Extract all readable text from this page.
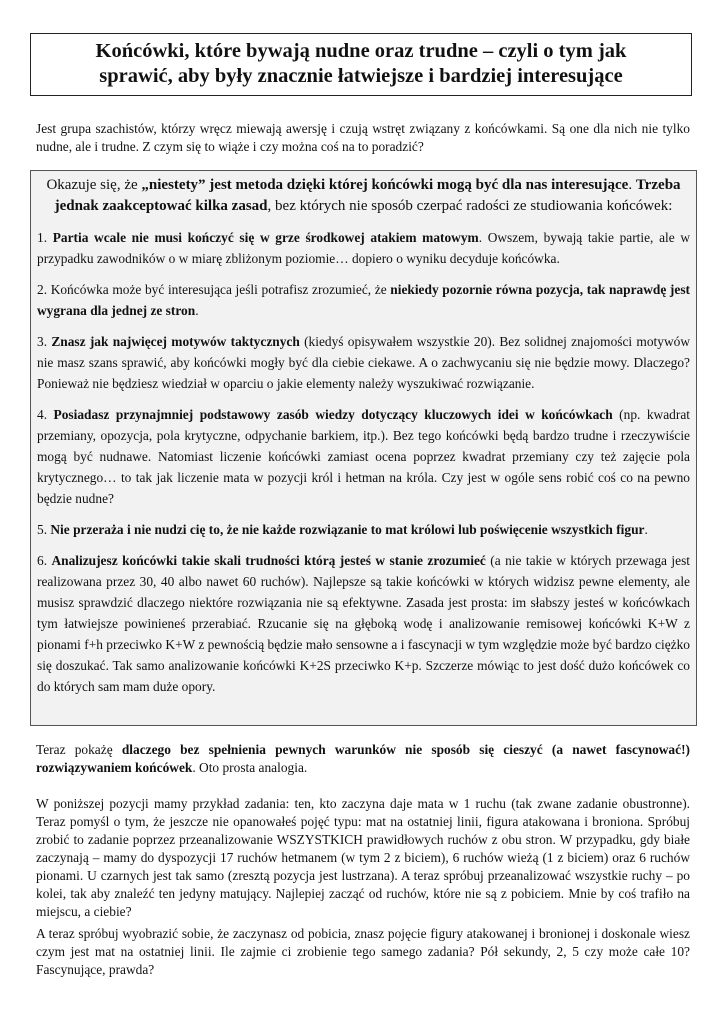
Końcówki, które bywają nudne oraz trudne – czyli o tym jak
sprawić, aby były znacznie łatwiejsze i bardziej interesujące
Jest grupa szachistów, którzy wręcz miewają awersję i czują wstręt związany z końcówkami. Są one dla nich nie tylko nudne, ale i trudne. Z czym się to wiąże i czy można coś na to poradzić?

Okazuje się, że „niestety” jest metoda dzięki której końcówki mogą być dla nas interesujące. Trzeba jednak zaakceptować kilka zasad, bez których nie sposób czerpać radości ze studiowania końcówek:

1. Partia wcale nie musi kończyć się w grze środkowej atakiem matowym. Owszem, bywają takie partie, ale w przypadku zawodników o w miarę zbliżonym poziomie… dopiero o wyniku decyduje końcówka.

2. Końcówka może być interesująca jeśli potrafisz zrozumieć, że niekiedy pozornie równa pozycja, tak naprawdę jest wygrana dla jednej ze stron.

3. Znasz jak najwięcej motywów taktycznych (kiedyś opisywałem wszystkie 20). Bez solidnej znajomości motywów nie masz szans sprawić, aby końcówki mogły być dla ciebie ciekawe. A o zachwycaniu się nie będzie mowy. Dlaczego? Ponieważ nie będziesz wiedział w oparciu o jakie elementy należy wyszukiwać rozwiązanie.

4. Posiadasz przynajmniej podstawowy zasób wiedzy dotyczący kluczowych idei w końcówkach (np. kwadrat przemiany, opozycja, pola krytyczne, odpychanie barkiem, itp.). Bez tego końcówki będą bardzo trudne i rzeczywiście mogą być nudnawe. Natomiast liczenie końcówki zamiast ocena poprzez kwadrat przemiany czy też zajęcie pola krytycznego… to tak jak liczenie mata w pozycji król i hetman na króla. Czy jest w ogóle sens robić coś co na pewno będzie nudne?

5. Nie przeraża i nie nudzi cię to, że nie każde rozwiązanie to mat królowi lub poświęcenie wszystkich figur.

6. Analizujesz końcówki takie skali trudności którą jesteś w stanie zrozumieć (a nie takie w których przewaga jest realizowana przez 30, 40 albo nawet 60 ruchów). Najlepsze są takie końcówki w których widzisz pewne elementy, ale musisz sprawdzić dlaczego niektóre rozwiązania nie są efektywne. Zasada jest prosta: im słabszy jesteś w końcówkach tym łatwiejsze powinieneś przerabiać. Rzucanie się na głęboką wodę i analizowanie remisowej końcówki K+W z pionami f+h przeciwko K+W z pewnością będzie mało sensowne a i fascynacji w tym względzie może być bardzo ciężko się doszukać. Tak samo analizowanie końcówki K+2S przeciwko K+p. Szczerze mówiąc to jest dość dużo końcówek co do których sam mam duże opory.

Teraz pokażę dlaczego bez spełnienia pewnych warunków nie sposób się cieszyć (a nawet fascynować!) rozwiązywaniem końcówek. Oto prosta analogia.

W poniższej pozycji mamy przykład zadania: ten, kto zaczyna daje mata w 1 ruchu (tak zwane zadanie obustronne). Teraz pomyśl o tym, że jeszcze nie opanowałeś pojęć typu: mat na ostatniej linii, figura atakowana i broniona. Spróbuj zrobić to zadanie poprzez przeanalizowanie WSZYSTKICH prawidłowych ruchów z obu stron. W przypadku, gdy białe zaczynają – mamy do dyspozycji 17 ruchów hetmanem (w tym 2 z biciem), 6 ruchów wieżą (1 z biciem) oraz 6 ruchów pionami. U czarnych jest tak samo (zresztą pozycja jest lustrzana). A teraz spróbuj przeanalizować wszystkie ruchy – po kolei, tak aby znaleźć ten jedyny matujący. Najlepiej zacząć od ruchów, które nie są z pobiciem. Mnie by coś trafiło na miejscu, a ciebie?
A teraz spróbuj wyobrazić sobie, że zaczynasz od pobicia, znasz pojęcie figury atakowanej i bronionej i doskonale wiesz czym jest mat na ostatniej linii. Ile zajmie ci zrobienie tego samego zadania? Pół sekundy, 2, 5 czy może całe 10? Fascynujące, prawda?
